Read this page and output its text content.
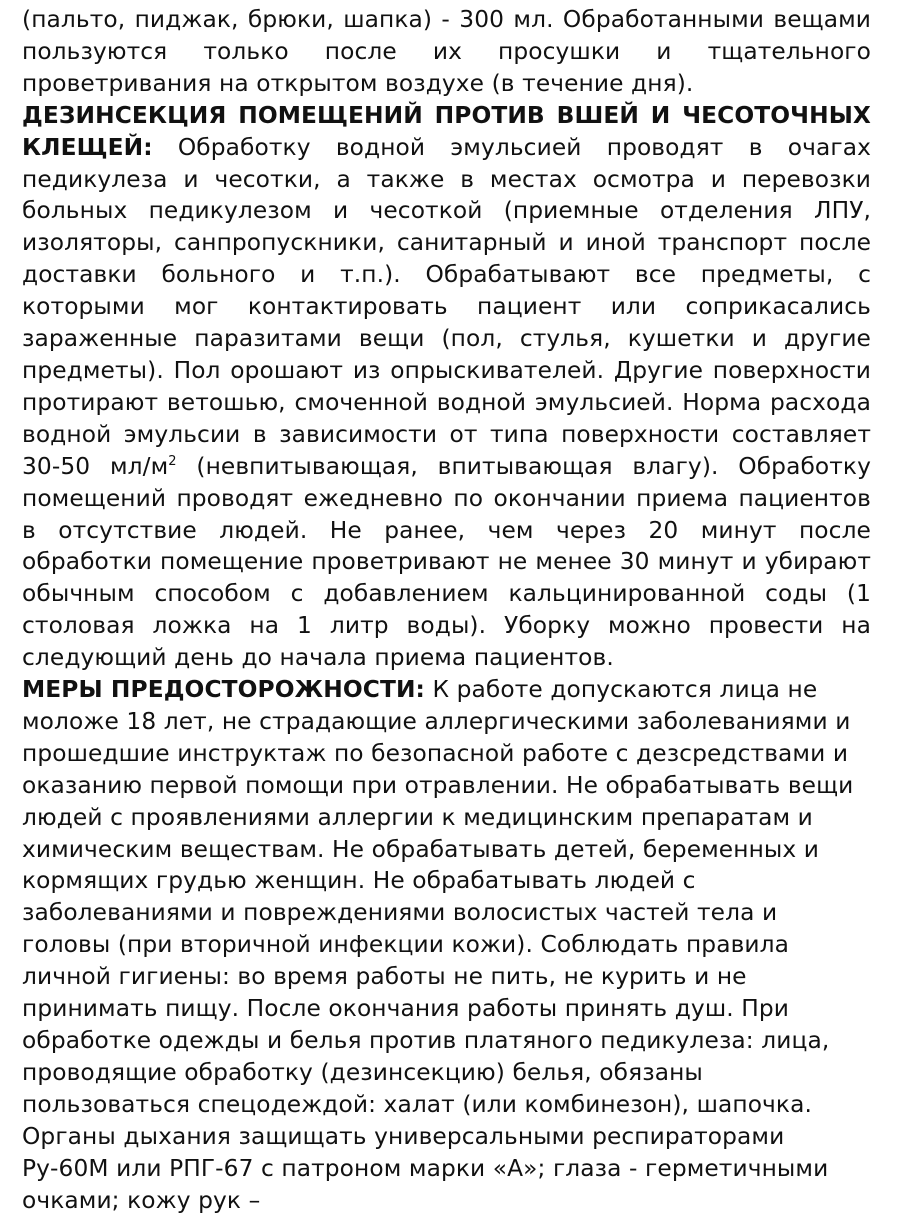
(пальто, пиджак, брюки, шапка) - 300 мл. Обработанными вещами пользуются только после их просушки и тщательного проветривания на открытом воздухе (в течение дня).

ДЕЗИНСЕКЦИЯ ПОМЕЩЕНИЙ ПРОТИВ ВШЕЙ И ЧЕСОТОЧНЫХ КЛЕЩЕЙ: Обработку водной эмульсией проводят в очагах педикулеза и чесотки, а также в местах осмотра и перевозки больных педикулезом и чесоткой (приемные отделения ЛПУ, изоляторы, санпропускники, санитарный и иной транспорт после доставки больного и т.п.). Обрабатывают все предметы, с которыми мог контактировать пациент или соприкасались зараженные паразитами вещи (пол, стулья, кушетки и другие предметы). Пол орошают из опрыскивателей. Другие поверхности протирают ветошью, смоченной водной эмульсией. Норма расхода водной эмульсии в зависимости от типа поверхности составляет 30-50 $мл/м^2$ (невпитывающая, впитывающая влагу). Обработку помещений проводят ежедневно по окончании приема пациентов в отсутствие людей. Не ранее, чем через 20 минут после обработки помещение проветривают не менее 30 минут и убирают обычным способом с добавлением кальцинированной соды (1 столовая ложка на 1 литр воды). Уборку можно провести на следующий день до начала приема пациентов.

МЕРЫ ПРЕДОСТОРОЖНОСТИ: К работе допускаются лица не моложе 18 лет, не страдающие аллергическими заболеваниями и прошедшие инструктаж по безопасной работе с дезсредствами и оказанию первой помощи при отравлении. Не обрабатывать вещи людей с проявлениями аллергии к медицинским препаратам и химическим веществам. Не обрабатывать детей, беременных и кормящих грудью женщин. Не обрабатывать людей с заболеваниями и повреждениями волосистых частей тела и головы (при вторичной инфекции кожи). Соблюдать правила личной гигиены: во время работы не пить, не курить и не принимать пищу. После окончания работы принять душ. При обработке одежды и белья против платяного педикулеза: лица, проводящие обработку (дезинсекцию) белья, обязаны пользоваться спецодеждой: халат (или комбинезон), шапочка. Органы дыхания защищать универсальными респираторами Ру-60М или РПГ-67 с патроном марки «А»; глаза - герметичными очками; кожу рук –
